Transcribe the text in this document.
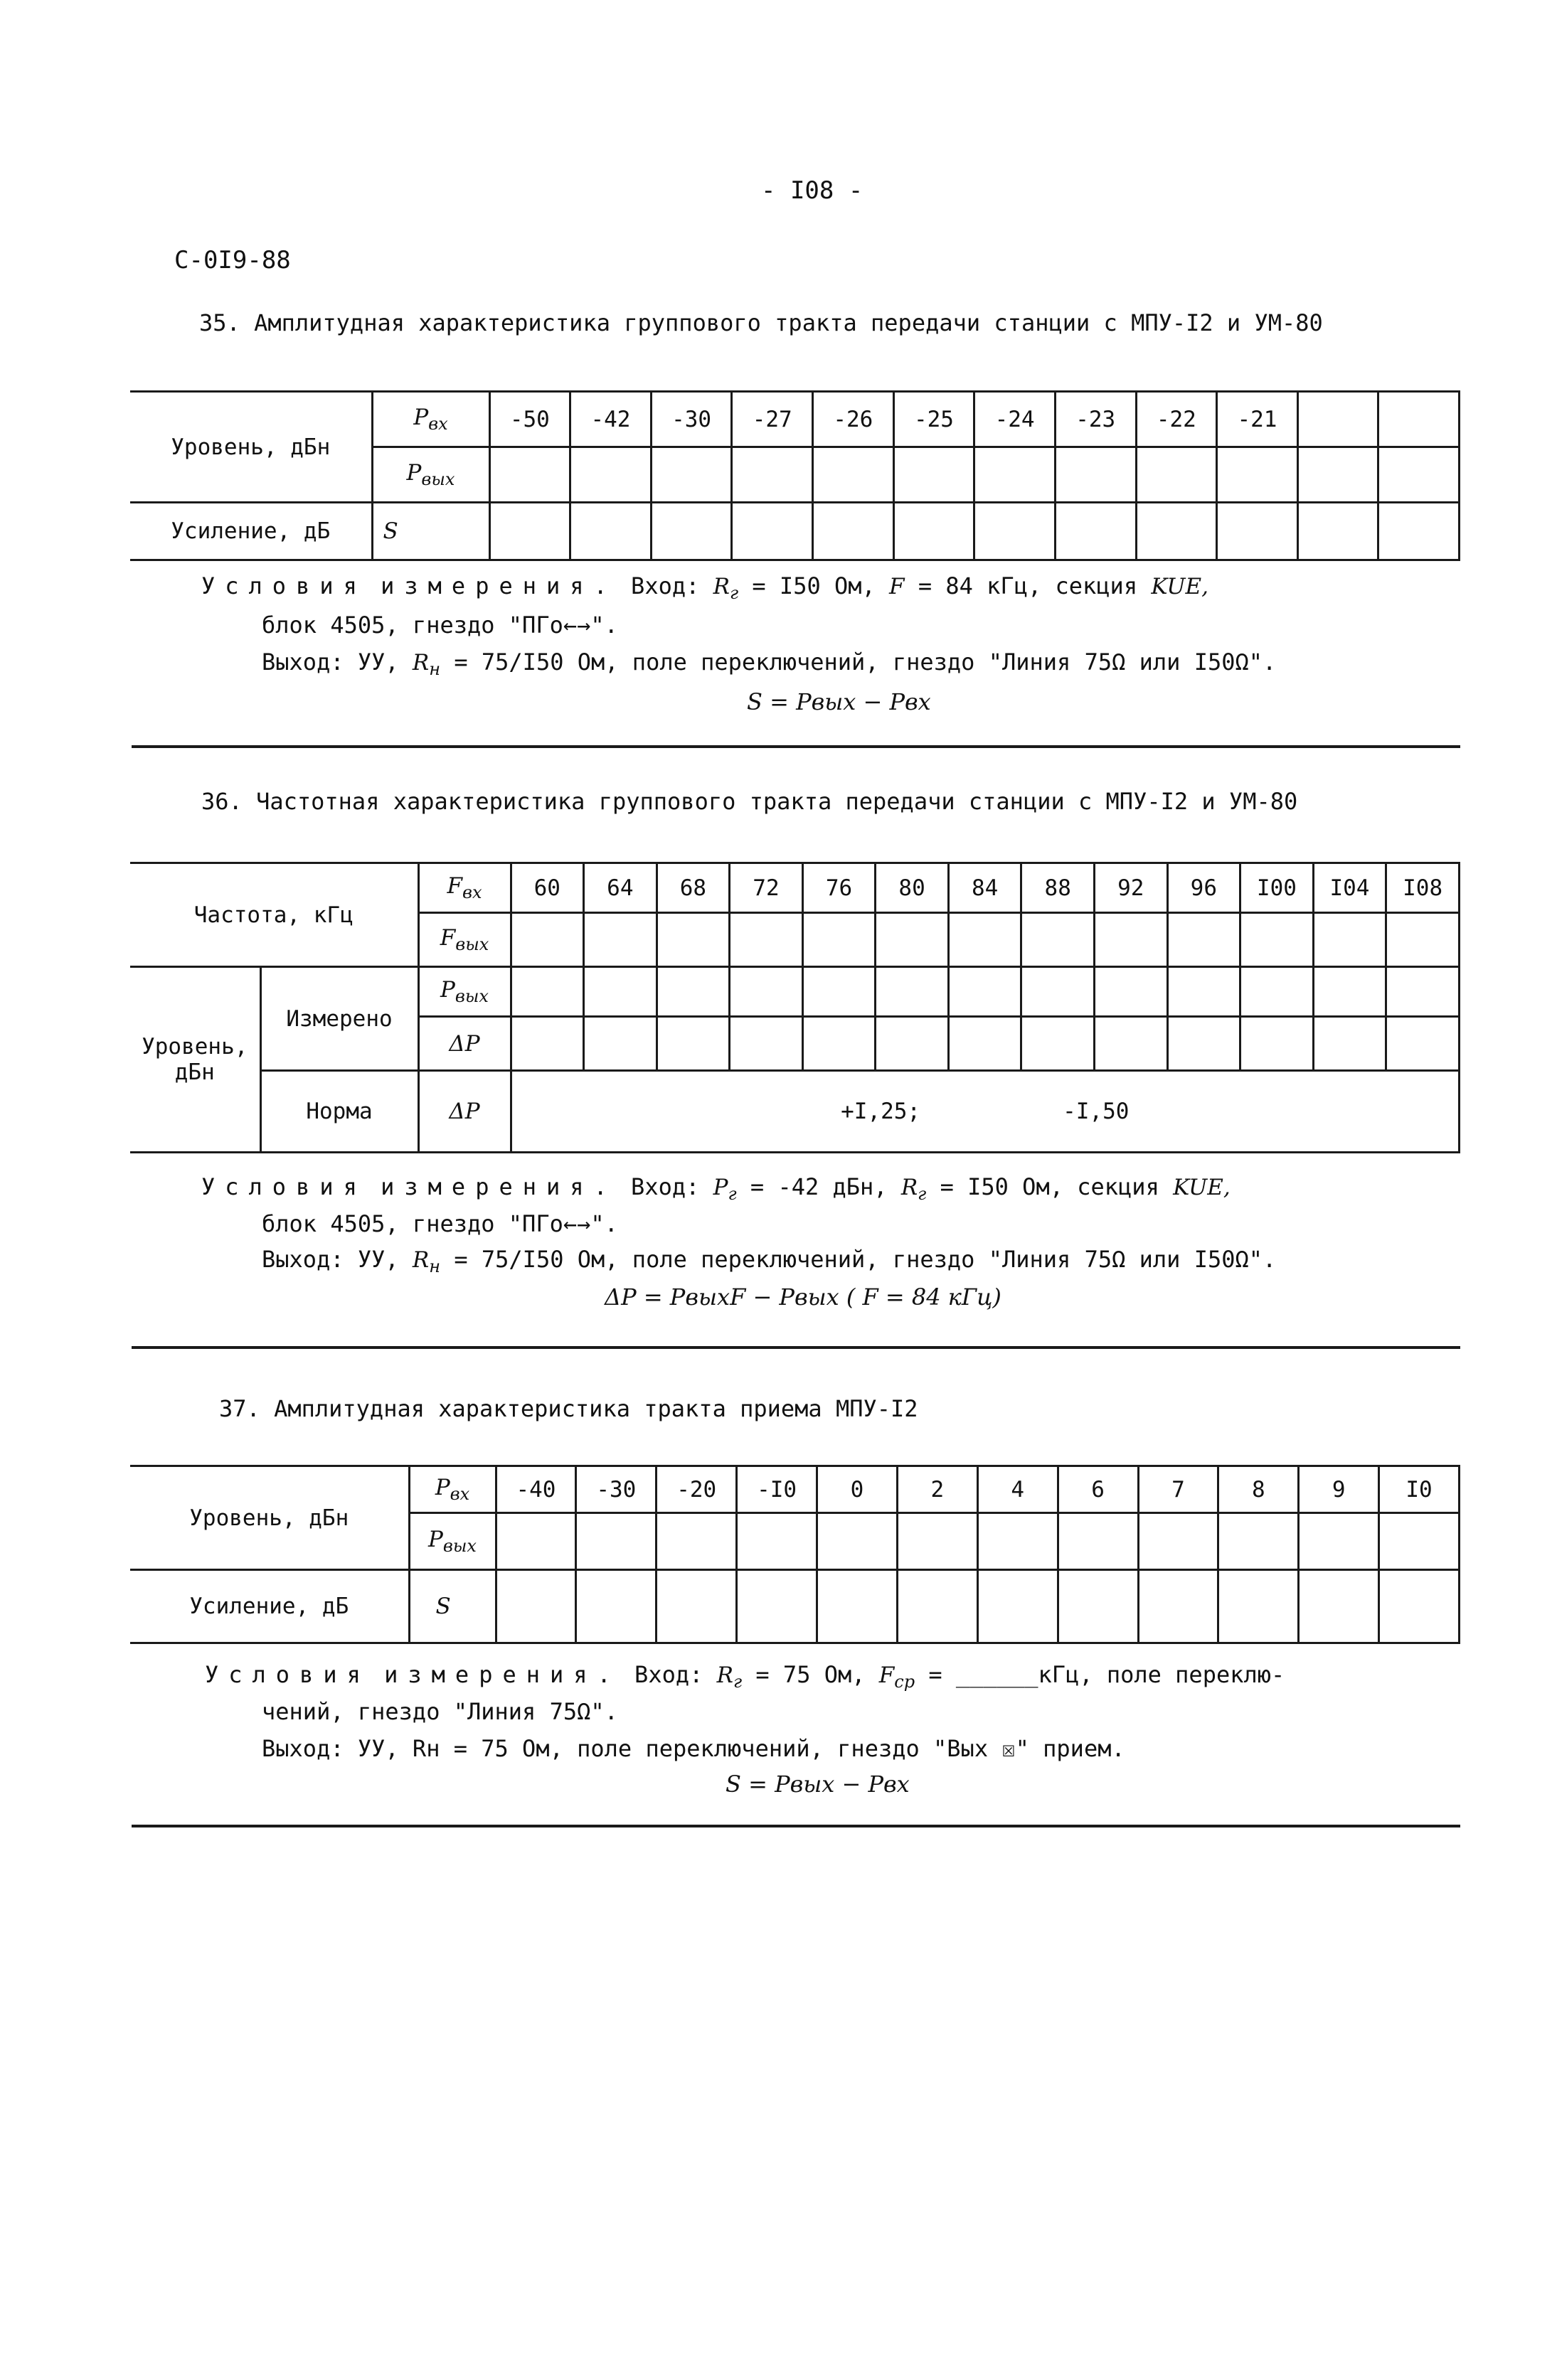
- I08 -
С-0I9-88
35. Амплитудная характеристика группового тракта передачи станции с МПУ-I2 и УМ-80
Уровень, дБн	$P_{вх}$	-50	-42	-30	-27	-26	-25	-24	-23	-22	-21		
	$P_{вых}$												
Усиление, дБ	S												
Условия измерения. Вход: $R_г = I50$ Ом, F = 84 кГц, секция KUE,
блок 4505, гнездо "ПГо←→".
Выход: УУ, $R_н = 75/I50$ Ом, поле переключений, гнездо "Линия 75Ω или I50Ω".
S = Pвых − Pвх
36. Частотная характеристика группового тракта передачи станции с МПУ-I2 и УМ-80
Частота, кГц		$F_{вх}$	60	64	68	72	76	80	84	88	92	96	I00	I04	I08
		$F_{вых}$													
Уровень, дБн	Измерено	$P_{вых}$													
		ΔP													
	Норма	ΔP	+I,25; -I,50												
Условия измерения. Вход: $P_г = -42$ дБн, $R_г = I50$ Ом, секция KUE,
блок 4505, гнездо "ПГо←→".
Выход: УУ, $R_н = 75/I50$ Ом, поле переключений, гнездо "Линия 75Ω или I50Ω".
ΔP = PвыхF − Pвых ( F = 84 кГц)
37. Амплитудная характеристика тракта приема МПУ-I2
Уровень, дБн	$P_{вх}$	-40	-30	-20	-I0	0	2	4	6	7	8	9	I0
	$P_{вых}$												
Усиление, дБ	S												
Условия измерения. Вход: $R_г = 75$ Ом, $F_{ср}$ = ______кГц, поле переклю-
чений, гнездо "Линия 75Ω".
Выход: УУ, Rн = 75 Ом, поле переключений, гнездо "Вых ☒" прием.
S = Pвых − Pвх
